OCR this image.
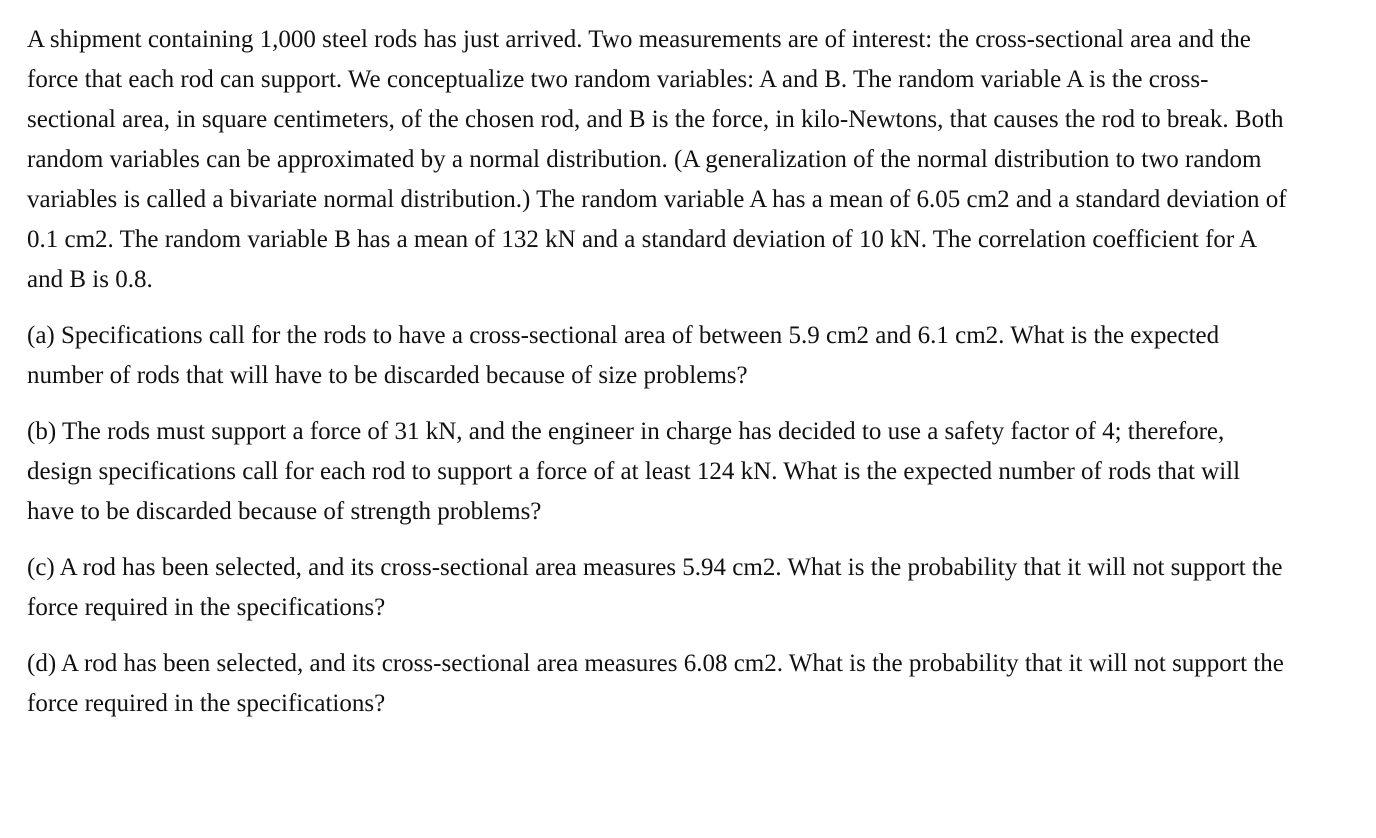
A shipment containing 1,000 steel rods has just arrived. Two measurements are of interest: the cross-sectional area and the force that each rod can support. We conceptualize two random variables: A and B. The random variable A is the cross-sectional area, in square centimeters, of the chosen rod, and B is the force, in kilo-Newtons, that causes the rod to break. Both random variables can be approximated by a normal distribution. (A generalization of the normal distribution to two random variables is called a bivariate normal distribution.) The random variable A has a mean of 6.05 cm2 and a standard deviation of 0.1 cm2. The random variable B has a mean of 132 kN and a standard deviation of 10 kN. The correlation coefficient for A and B is 0.8.

(a) Specifications call for the rods to have a cross-sectional area of between 5.9 cm2 and 6.1 cm2. What is the expected number of rods that will have to be discarded because of size problems?

(b) The rods must support a force of 31 kN, and the engineer in charge has decided to use a safety factor of 4; therefore, design specifications call for each rod to support a force of at least 124 kN. What is the expected number of rods that will have to be discarded because of strength problems?

(c) A rod has been selected, and its cross-sectional area measures 5.94 cm2. What is the probability that it will not support the force required in the specifications?

(d) A rod has been selected, and its cross-sectional area measures 6.08 cm2. What is the probability that it will not support the force required in the specifications?
